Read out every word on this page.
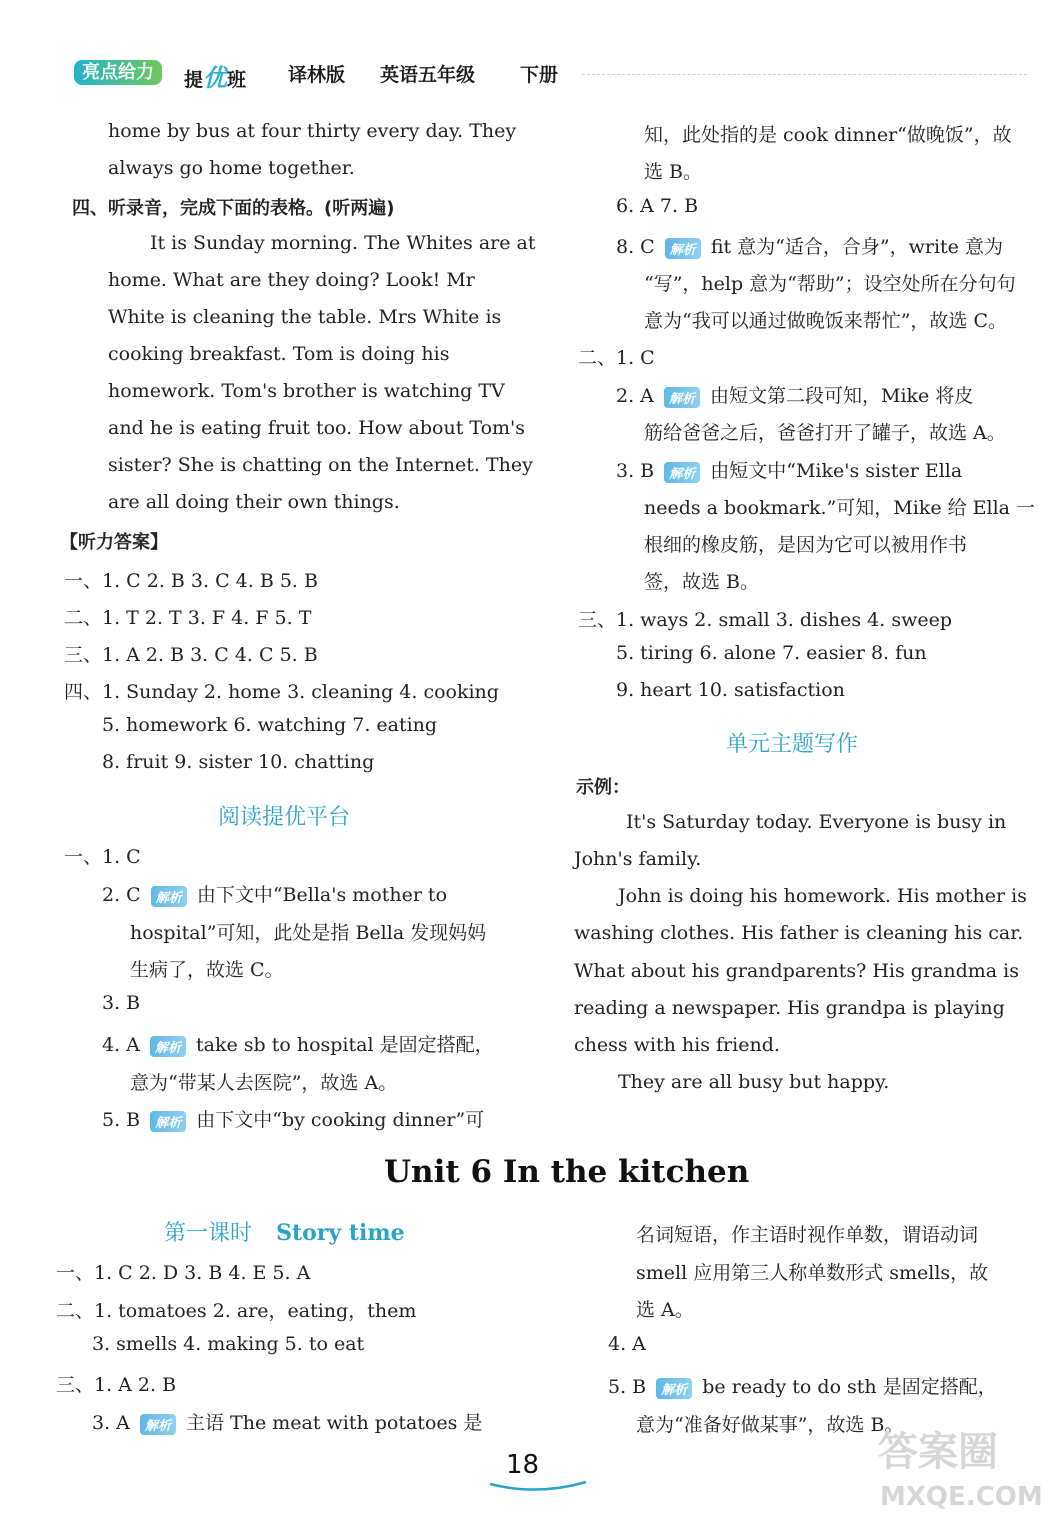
亮点给力	提优班 译林版 英语五年级 下册
home by bus at four thirty every day. They
always go home together.
四、听录音，完成下面的表格。(听两遍)
It is Sunday morning. The Whites are at
home. What are they doing? Look! Mr
White is cleaning the table. Mrs White is
cooking breakfast. Tom is doing his
homework. Tom's brother is watching TV
and he is eating fruit too. How about Tom's
sister? She is chatting on the Internet. They
are all doing their own things.
【听力答案】
一、1. C 2. B 3. C 4. B 5. B
二、1. T 2. T 3. F 4. F 5. T
三、1. A 2. B 3. C 4. C 5. B
四、1. Sunday 2. home 3. cleaning 4. cooking
5. homework 6. watching 7. eating
8. fruit 9. sister 10. chatting
阅读提优平台
一、1. C
2. C 解析 由下文中“Bella's mother to
hospital”可知，此处是指 Bella 发现妈妈
生病了，故选 C。
3. B
4. A 解析 take sb to hospital 是固定搭配，
意为“带某人去医院”，故选 A。
5. B 解析 由下文中“by cooking dinner”可
知，此处指的是 cook dinner“做晚饭”，故
选 B。
6. A 7. B
8. C 解析 fit 意为“适合，合身”，write 意为
“写”，help 意为“帮助”；设空处所在分句句
意为“我可以通过做晚饭来帮忙”，故选 C。
二、1. C
2. A 解析 由短文第二段可知，Mike 将皮
筋给爸爸之后，爸爸打开了罐子，故选 A。
3. B 解析 由短文中“Mike's sister Ella
needs a bookmark.”可知，Mike 给 Ella 一
根细的橡皮筋，是因为它可以被用作书
签，故选 B。
三、1. ways 2. small 3. dishes 4. sweep
5. tiring 6. alone 7. easier 8. fun
9. heart 10. satisfaction
单元主题写作
示例：
It's Saturday today. Everyone is busy in
John's family.
John is doing his homework. His mother is
washing clothes. His father is cleaning his car.
What about his grandparents? His grandma is
reading a newspaper. His grandpa is playing
chess with his friend.
They are all busy but happy.
Unit 6 In the kitchen
第一课时 Story time
一、1. C 2. D 3. B 4. E 5. A
二、1. tomatoes 2. are，eating，them
3. smells 4. making 5. to eat
三、1. A 2. B
3. A 解析 主语 The meat with potatoes 是
名词短语，作主语时视作单数，谓语动词
smell 应用第三人称单数形式 smells，故
选 A。
4. A
5. B 解析 be ready to do sth 是固定搭配，
意为“准备好做某事”，故选 B。
18	答案圈
MXQE.COM
